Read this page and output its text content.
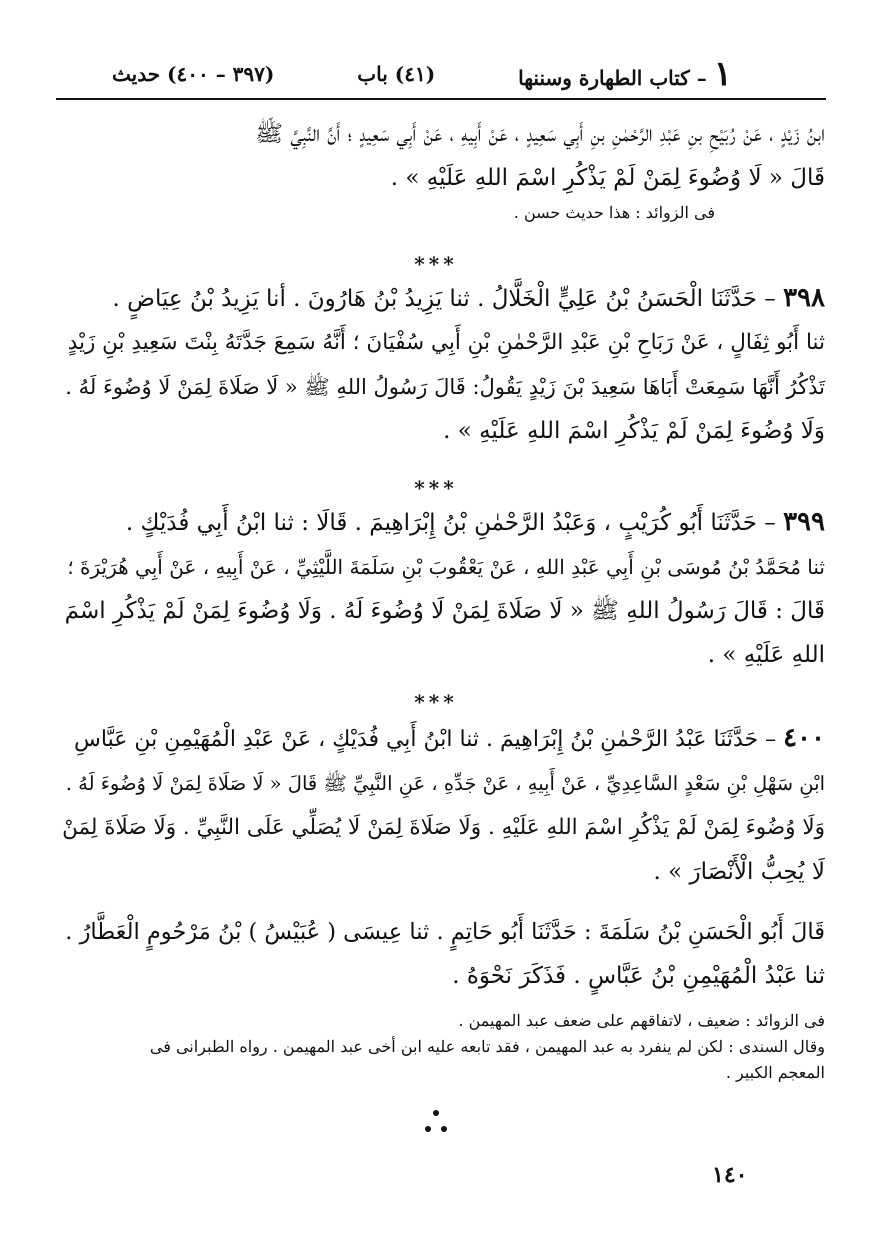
١ – كتاب الطهارة وسننها
(٤١) باب
(٣٩٧ – ٤٠٠) حديث
ابنُ زَيْدٍ ، عَنْ رُبَيْحِ بنِ عَبْدِ الرَّحْمٰنِ بنِ أَبِي سَعِيدٍ ، عَنْ أَبِيهِ ، عَنْ أَبِي سَعِيدٍ ؛ أَنَّ النَّبِيَّ ﷺ
قَالَ « لَا وُضُوءَ لِمَنْ لَمْ يَذْكُرِ اسْمَ اللهِ عَلَيْهِ » .
فى الزوائد : هذا حديث حسن .
***
٣٩٨ – حَدَّثَنَا الْحَسَنُ بْنُ عَلِيٍّ الْخَلَّالُ . ثنا يَزِيدُ بْنُ هَارُونَ . أنا يَزِيدُ بْنُ عِيَاضٍ .
ثنا أَبُو ثِفَالٍ ، عَنْ رَبَاحِ بْنِ عَبْدِ الرَّحْمٰنِ بْنِ أَبِي سُفْيَانَ ؛ أَنَّهُ سَمِعَ جَدَّتَهُ بِنْتَ سَعِيدِ بْنِ زَيْدٍ
تَذْكُرُ أَنَّهَا سَمِعَتْ أَبَاهَا سَعِيدَ بْنَ زَيْدٍ يَقُولُ: قَالَ رَسُولُ اللهِ ﷺ « لَا صَلَاةَ لِمَنْ لَا وُضُوءَ لَهُ .
وَلَا وُضُوءَ لِمَنْ لَمْ يَذْكُرِ اسْمَ اللهِ عَلَيْهِ » .
***
٣٩٩ – حَدَّثَنَا أَبُو كُرَيْبٍ ، وَعَبْدُ الرَّحْمٰنِ بْنُ إِبْرَاهِيمَ . قَالَا : ثنا ابْنُ أَبِي فُدَيْكٍ .
ثنا مُحَمَّدُ بْنُ مُوسَى بْنِ أَبِي عَبْدِ اللهِ ، عَنْ يَعْقُوبَ بْنِ سَلَمَةَ اللَّيْثِيِّ ، عَنْ أَبِيهِ ، عَنْ أَبِي هُرَيْرَةَ ؛
قَالَ : قَالَ رَسُولُ اللهِ ﷺ « لَا صَلَاةَ لِمَنْ لَا وُضُوءَ لَهُ . وَلَا وُضُوءَ لِمَنْ لَمْ يَذْكُرِ اسْمَ
اللهِ عَلَيْهِ » .
***
٤٠٠ – حَدَّثَنَا عَبْدُ الرَّحْمٰنِ بْنُ إِبْرَاهِيمَ . ثنا ابْنُ أَبِي فُدَيْكٍ ، عَنْ عَبْدِ الْمُهَيْمِنِ بْنِ عَبَّاسِ
ابْنِ سَهْلِ بْنِ سَعْدٍ السَّاعِدِيِّ ، عَنْ أَبِيهِ ، عَنْ جَدِّهِ ، عَنِ النَّبِيِّ ﷺ قَالَ « لَا صَلَاةَ لِمَنْ لَا وُضُوءَ لَهُ .
وَلَا وُضُوءَ لِمَنْ لَمْ يَذْكُرِ اسْمَ اللهِ عَلَيْهِ . وَلَا صَلَاةَ لِمَنْ لَا يُصَلِّي عَلَى النَّبِيِّ . وَلَا صَلَاةَ لِمَنْ
لَا يُحِبُّ الْأَنْصَارَ » .
قَالَ أَبُو الْحَسَنِ بْنُ سَلَمَةَ : حَدَّثَنَا أَبُو حَاتِمٍ . ثنا عِيسَى ( عُبَيْسُ ) بْنُ مَرْحُومٍ الْعَطَّارُ .
ثنا عَبْدُ الْمُهَيْمِنِ بْنُ عَبَّاسٍ . فَذَكَرَ نَحْوَهُ .
فى الزوائد : ضعيف ، لاتفاقهم على ضعف عبد المهيمن .
وقال السندى : لكن لم ينفرد به عبد المهيمن ، فقد تابعه عليه ابن أخى عبد المهيمن . رواه الطبرانى فى
المعجم الكبير .
١٤٠
